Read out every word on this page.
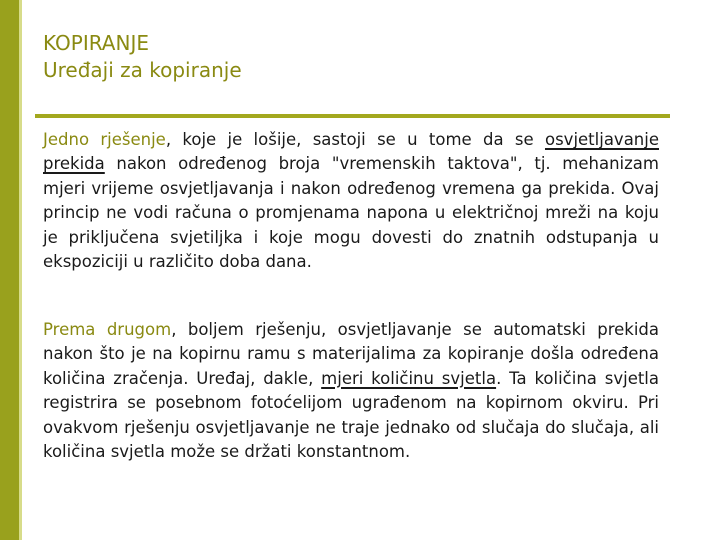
KOPIRANJE
Uređaji za kopiranje
Jedno rješenje, koje je lošije, sastoji se u tome da se osvjetljavanje prekida nakon određenog broja "vremenskih taktova", tj. mehanizam mjeri vrijeme osvjetljavanja i nakon određenog vremena ga prekida. Ovaj princip ne vodi računa o promjenama napona u električnoj mreži na koju je priključena svjetiljka i koje mogu dovesti do znatnih odstupanja u ekspoziciji u različito doba dana.
Prema drugom, boljem rješenju, osvjetljavanje se automatski prekida nakon što je na kopirnu ramu s materijalima za kopiranje došla određena količina zračenja. Uređaj, dakle, mjeri količinu svjetla. Ta količina svjetla registrira se posebnom fotoćelijom ugrađenom na kopirnom okviru. Pri ovakvom rješenju osvjetljavanje ne traje jednako od slučaja do slučaja, ali količina svjetla može se držati konstantnom.
